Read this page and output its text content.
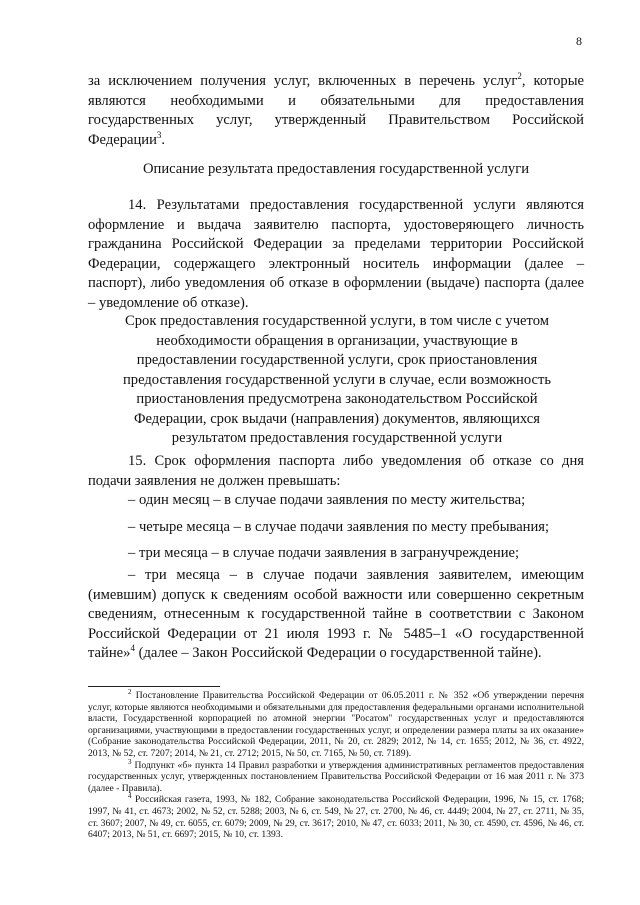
8

за исключением получения услуг, включенных в перечень услуг$^2$, которые являются необходимыми и обязательными для предоставления государственных услуг, утвержденный Правительством Российской Федерации$^3$.

Описание результата предоставления государственной услуги

14. Результатами предоставления государственной услуги являются оформление и выдача заявителю паспорта, удостоверяющего личность гражданина Российской Федерации за пределами территории Российской Федерации, содержащего электронный носитель информации (далее – паспорт), либо уведомления об отказе в оформлении (выдаче) паспорта (далее – уведомление об отказе).

Срок предоставления государственной услуги, в том числе с учетом необходимости обращения в организации, участвующие в предоставлении государственной услуги, срок приостановления предоставления государственной услуги в случае, если возможность приостановления предусмотрена законодательством Российской Федерации, срок выдачи (направления) документов, являющихся результатом предоставления государственной услуги

15. Срок оформления паспорта либо уведомления об отказе со дня подачи заявления не должен превышать:

– один месяц – в случае подачи заявления по месту жительства;

– четыре месяца – в случае подачи заявления по месту пребывания;

– три месяца – в случае подачи заявления в загранучреждение;

– три месяца – в случае подачи заявления заявителем, имеющим (имевшим) допуск к сведениям особой важности или совершенно секретным сведениям, отнесенным к государственной тайне в соответствии с Законом Российской Федерации от 21 июля 1993 г. № 5485–1 «О государственной тайне»$^4$ (далее – Закон Российской Федерации о государственной тайне).

$^2$ Постановление Правительства Российской Федерации от 06.05.2011 г. № 352 «Об утверждении перечня услуг, которые являются необходимыми и обязательными для предоставления федеральными органами исполнительной власти, Государственной корпорацией по атомной энергии "Росатом" государственных услуг и предоставляются организациями, участвующими в предоставлении государственных услуг, и определении размера платы за их оказание» (Собрание законодательства Российской Федерации, 2011, № 20, ст. 2829; 2012, № 14, ст. 1655; 2012, № 36, ст. 4922, 2013, № 52, ст. 7207; 2014, № 21, ст. 2712; 2015, № 50, ст. 7165, № 50, ст. 7189).

$^3$ Подпункт «б» пункта 14 Правил разработки и утверждения административных регламентов предоставления государственных услуг, утвержденных постановлением Правительства Российской Федерации от 16 мая 2011 г. № 373 (далее - Правила).

$^4$ Российская газета, 1993, № 182, Собрание законодательства Российской Федерации, 1996, № 15, ст. 1768; 1997, № 41, ст. 4673; 2002, № 52, ст. 5288; 2003, № 6, ст. 549, № 27, ст. 2700, № 46, ст. 4449; 2004, № 27, ст. 2711, № 35, ст. 3607; 2007, № 49, ст. 6055, ст. 6079; 2009, № 29, ст. 3617; 2010, № 47, ст. 6033; 2011, № 30, ст. 4590, ст. 4596, № 46, ст. 6407; 2013, № 51, ст. 6697; 2015, № 10, ст. 1393.
